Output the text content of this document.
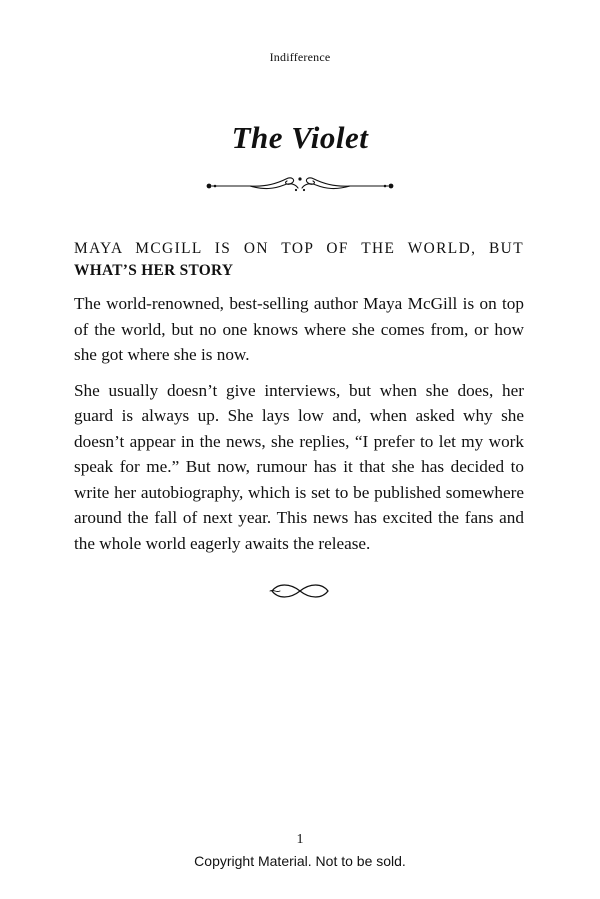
Indifference
The Violet

MAYA MCGILL IS ON TOP OF THE WORLD, BUT WHAT’S HER STORY

The world-renowned, best-selling author Maya McGill is on top of the world, but no one knows where she comes from, or how she got where she is now.

She usually doesn’t give interviews, but when she does, her guard is always up. She lays low and, when asked why she doesn’t appear in the news, she replies, “I prefer to let my work speak for me.” But now, rumour has it that she has decided to write her autobiography, which is set to be published somewhere around the fall of next year. This news has excited the fans and the whole world eagerly awaits the release.

1
Copyright Material. Not to be sold.
